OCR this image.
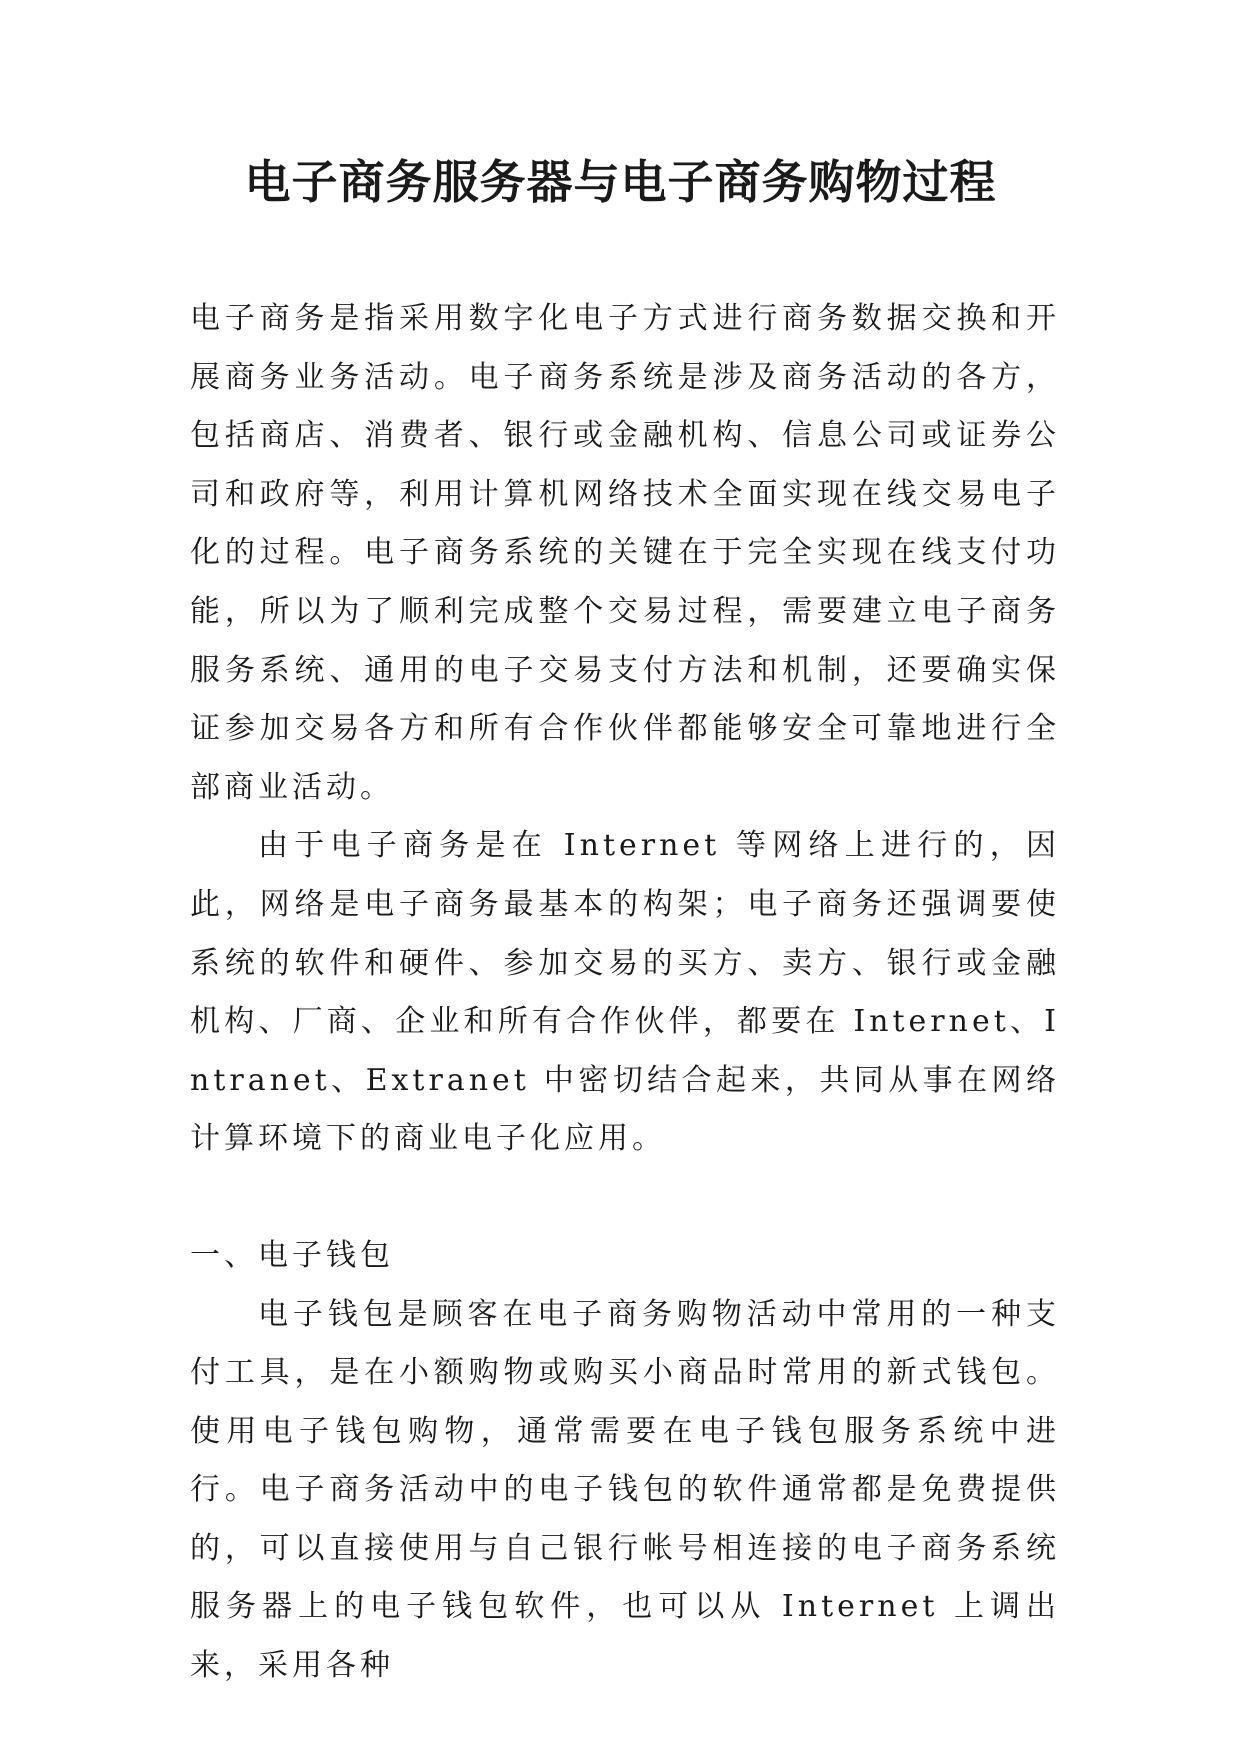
电子商务服务器与电子商务购物过程

电子商务是指采用数字化电子方式进行商务数据交换和开展商务业务活动。电子商务系统是涉及商务活动的各方，包括商店、消费者、银行或金融机构、信息公司或证券公司和政府等，利用计算机网络技术全面实现在线交易电子化的过程。电子商务系统的关键在于完全实现在线支付功能，所以为了顺利完成整个交易过程，需要建立电子商务服务系统、通用的电子交易支付方法和机制，还要确实保证参加交易各方和所有合作伙伴都能够安全可靠地进行全部商业活动。

由于电子商务是在 Internet 等网络上进行的，因此，网络是电子商务最基本的构架；电子商务还强调要使系统的软件和硬件、参加交易的买方、卖方、银行或金融机构、厂商、企业和所有合作伙伴，都要在 Internet、Intranet、Extranet 中密切结合起来，共同从事在网络计算环境下的商业电子化应用。

一、电子钱包

电子钱包是顾客在电子商务购物活动中常用的一种支付工具，是在小额购物或购买小商品时常用的新式钱包。使用电子钱包购物，通常需要在电子钱包服务系统中进行。电子商务活动中的电子钱包的软件通常都是免费提供的，可以直接使用与自己银行帐号相连接的电子商务系统服务器上的电子钱包软件，也可以从 Internet 上调出来，采用各种
